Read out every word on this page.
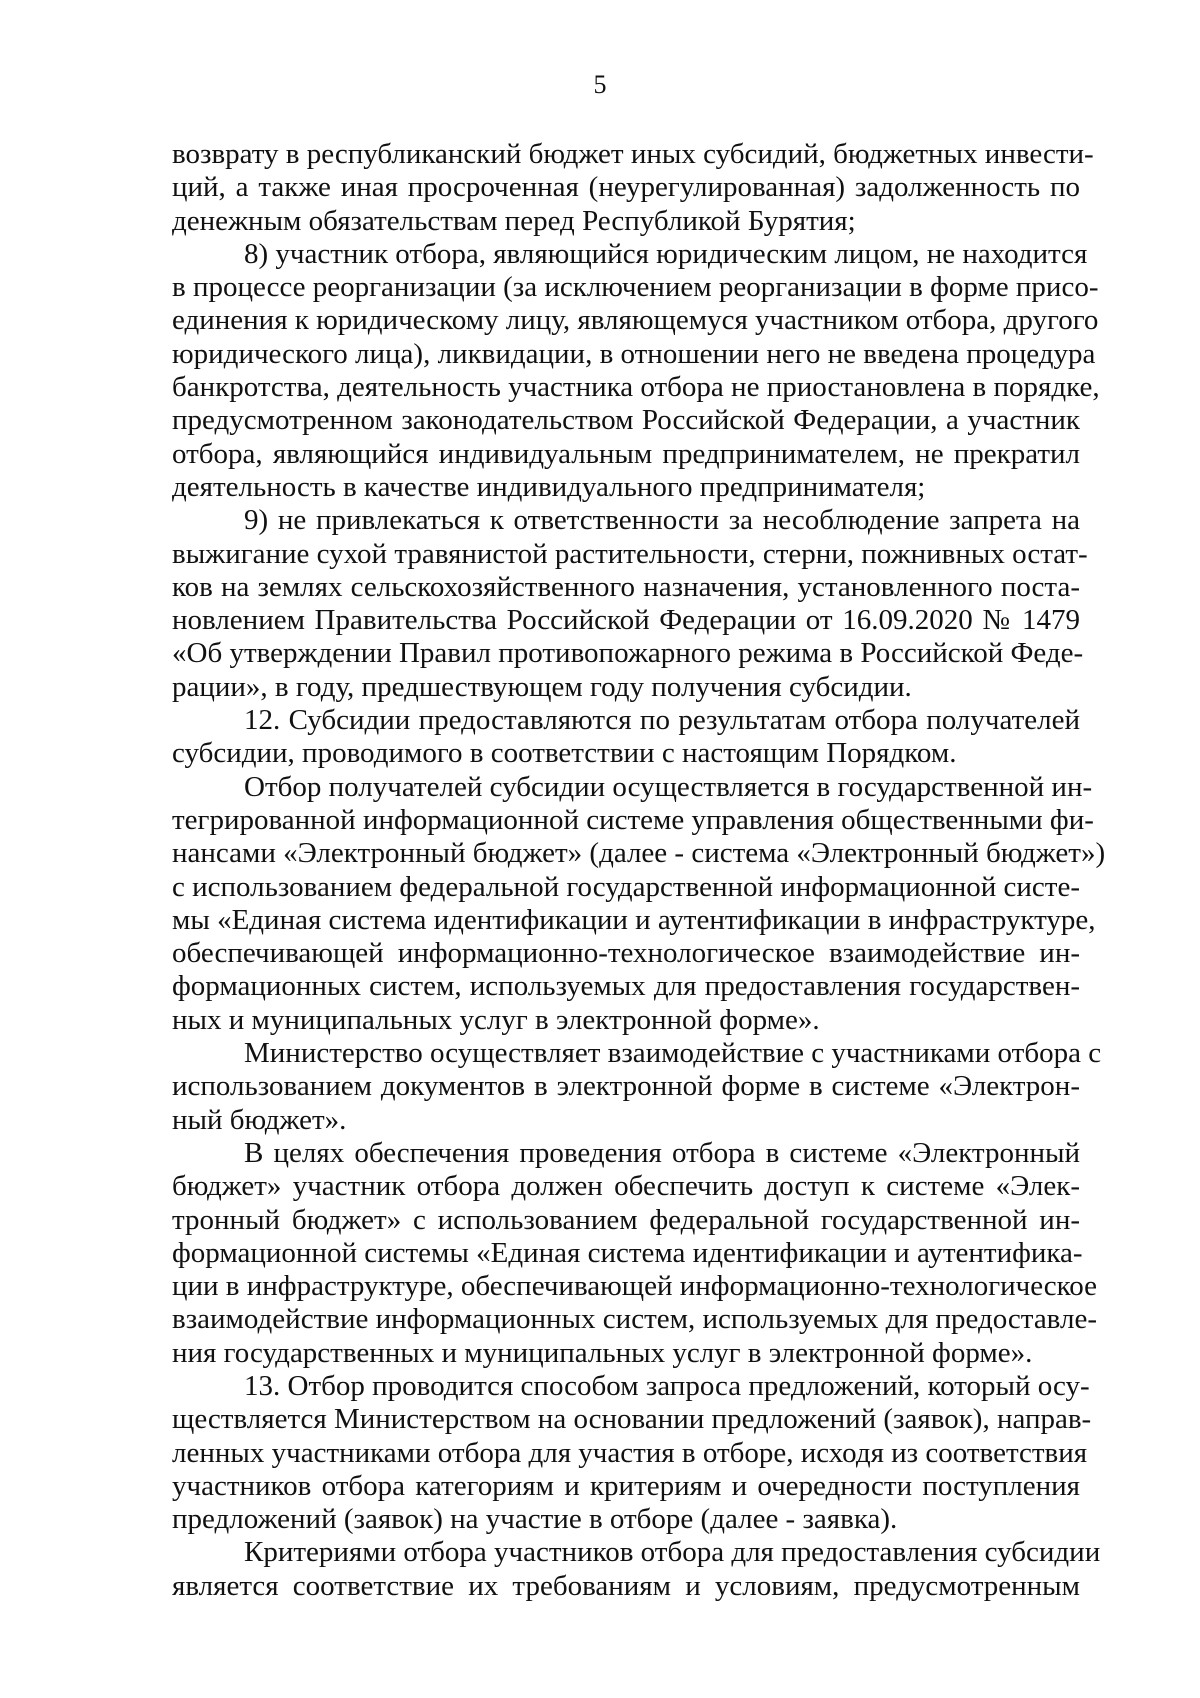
5
возврату в республиканский бюджет иных субсидий, бюджетных инвести-
ций, а также иная просроченная (неурегулированная) задолженность по
денежным обязательствам перед Республикой Бурятия;
8) участник отбора, являющийся юридическим лицом, не находится
в процессе реорганизации (за исключением реорганизации в форме присо-
единения к юридическому лицу, являющемуся участником отбора, другого
юридического лица), ликвидации, в отношении него не введена процедура
банкротства, деятельность участника отбора не приостановлена в порядке,
предусмотренном законодательством Российской Федерации, а участник
отбора, являющийся индивидуальным предпринимателем, не прекратил
деятельность в качестве индивидуального предпринимателя;
9) не привлекаться к ответственности за несоблюдение запрета на
выжигание сухой травянистой растительности, стерни, пожнивных остат-
ков на землях сельскохозяйственного назначения, установленного поста-
новлением Правительства Российской Федерации от 16.09.2020 № 1479
«Об утверждении Правил противопожарного режима в Российской Феде-
рации», в году, предшествующем году получения субсидии.
12. Субсидии предоставляются по результатам отбора получателей
субсидии, проводимого в соответствии с настоящим Порядком.
Отбор получателей субсидии осуществляется в государственной ин-
тегрированной информационной системе управления общественными фи-
нансами «Электронный бюджет» (далее - система «Электронный бюджет»)
с использованием федеральной государственной информационной систе-
мы «Единая система идентификации и аутентификации в инфраструктуре,
обеспечивающей информационно-технологическое взаимодействие ин-
формационных систем, используемых для предоставления государствен-
ных и муниципальных услуг в электронной форме».
Министерство осуществляет взаимодействие с участниками отбора с
использованием документов в электронной форме в системе «Электрон-
ный бюджет».
В целях обеспечения проведения отбора в системе «Электронный
бюджет» участник отбора должен обеспечить доступ к системе «Элек-
тронный бюджет» с использованием федеральной государственной ин-
формационной системы «Единая система идентификации и аутентифика-
ции в инфраструктуре, обеспечивающей информационно-технологическое
взаимодействие информационных систем, используемых для предоставле-
ния государственных и муниципальных услуг в электронной форме».
13. Отбор проводится способом запроса предложений, который осу-
ществляется Министерством на основании предложений (заявок), направ-
ленных участниками отбора для участия в отборе, исходя из соответствия
участников отбора категориям и критериям и очередности поступления
предложений (заявок) на участие в отборе (далее - заявка).
Критериями отбора участников отбора для предоставления субсидии
является соответствие их требованиям и условиям, предусмотренным
